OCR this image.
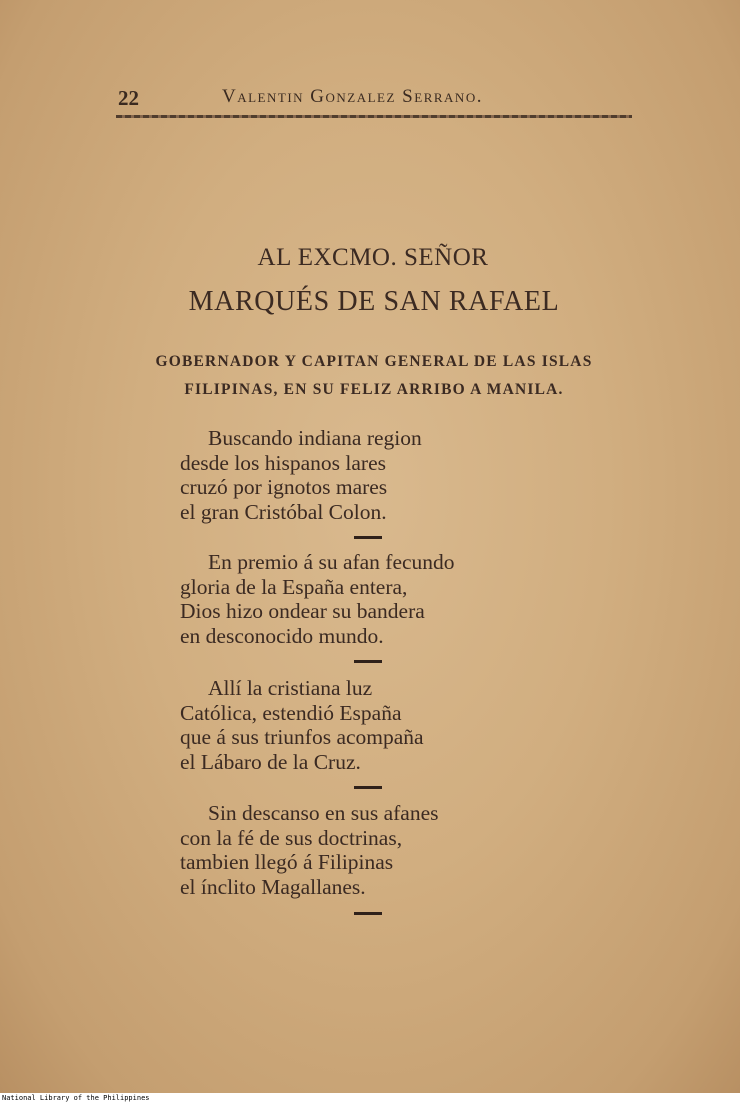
22	Valentin Gonzalez Serrano.
AL EXCMO. SEÑOR
MARQUÉS DE SAN RAFAEL
GOBERNADOR Y CAPITAN GENERAL DE LAS ISLAS
FILIPINAS, EN SU FELIZ ARRIBO A MANILA.
Buscando indiana region
desde los hispanos lares
cruzó por ignotos mares
el gran Cristóbal Colon.
En premio á su afan fecundo
gloria de la España entera,
Dios hizo ondear su bandera
en desconocido mundo.
Allí la cristiana luz
Católica, estendió España
que á sus triunfos acompaña
el Lábaro de la Cruz.
Sin descanso en sus afanes
con la fé de sus doctrinas,
tambien llegó á Filipinas
el ínclito Magallanes.
National Library of the Philippines
